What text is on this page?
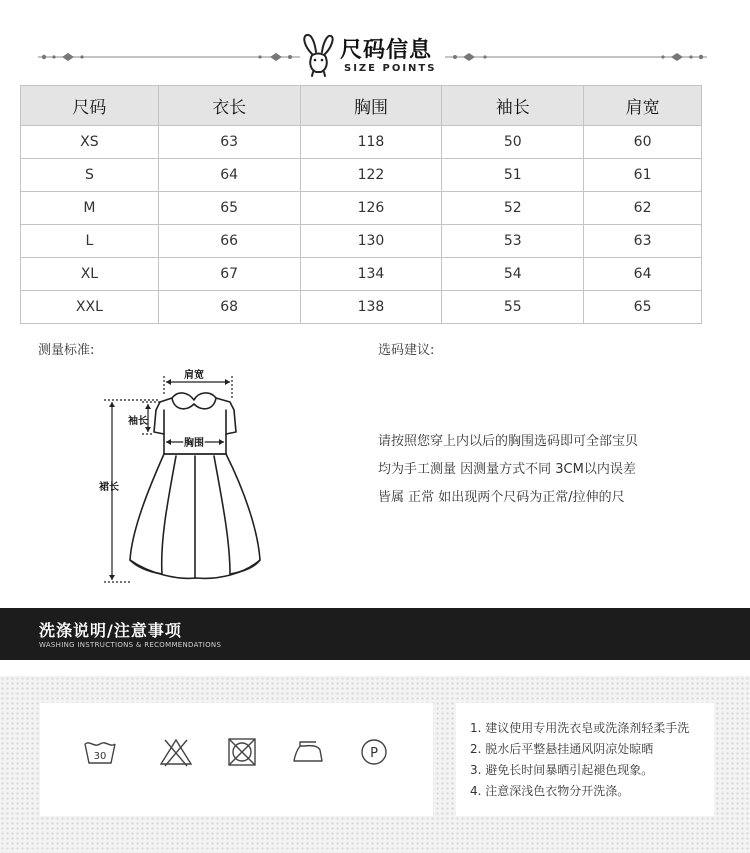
尺码信息
SIZE POINTS
尺码	衣长	胸围	袖长	肩宽
XS	63	118	50	60
S	64	122	51	61
M	65	126	52	62
L	66	130	53	63
XL	67	134	54	64
XXL	68	138	55	65
测量标准:	选码建议:
肩宽
袖长
胸围
裙长
请按照您穿上内以后的胸围选码即可全部宝贝
均为手工测量 因测量方式不同 3CM以内误差
皆属 正常 如出现两个尺码为正常/拉伸的尺
洗涤说明/注意事项
WASHING INSTRUCTIONS & RECOMMENDATIONS
30	P
1. 建议使用专用洗衣皂或洗涤剂轻柔手洗
2. 脱水后平整悬挂通风阴凉处晾晒
3. 避免长时间暴晒引起褪色现象。
4. 注意深浅色衣物分开洗涤。
